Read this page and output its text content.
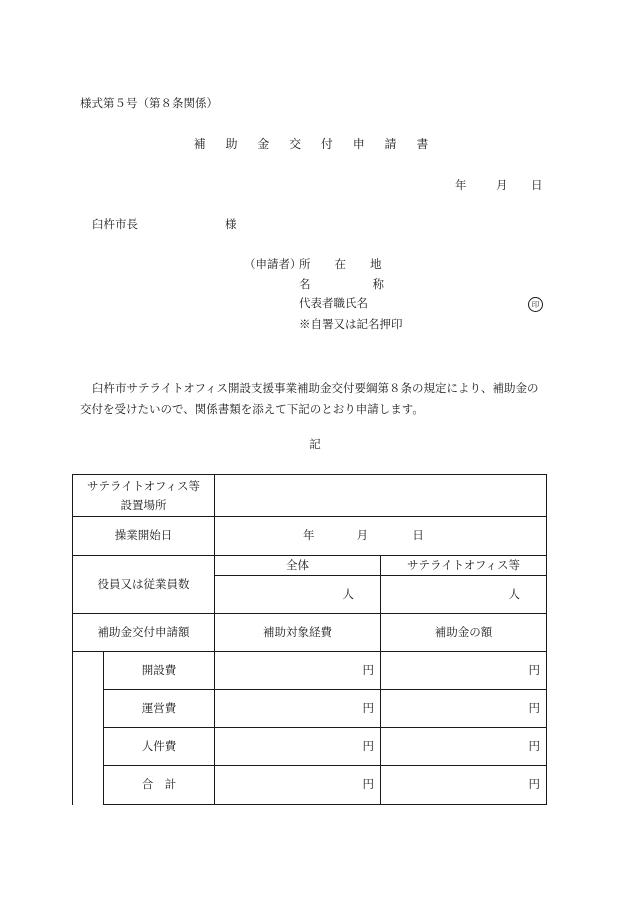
様式第５号（第８条関係）
補 助 金 交 付 申 請 書
年	月	日
臼杵市長	様
（申請者）
所在地
名称
代表者職氏名	印
※自署又は記名押印
臼杵市サテライトオフィス開設支援事業補助金交付要綱第８条の規定により、補助金の交付を受けたいので、関係書類を添えて下記のとおり申請します。
記
サテライトオフィス等設置場所			

操業開始日		年 月 日	

役員又は従業員数		全体	サテライトオフィス等
		人	人
補助金交付申請額		補助対象経費	補助金の額
	開設費	円	円
	運営費	円	円
	人件費	円	円
	合　計	円	円
